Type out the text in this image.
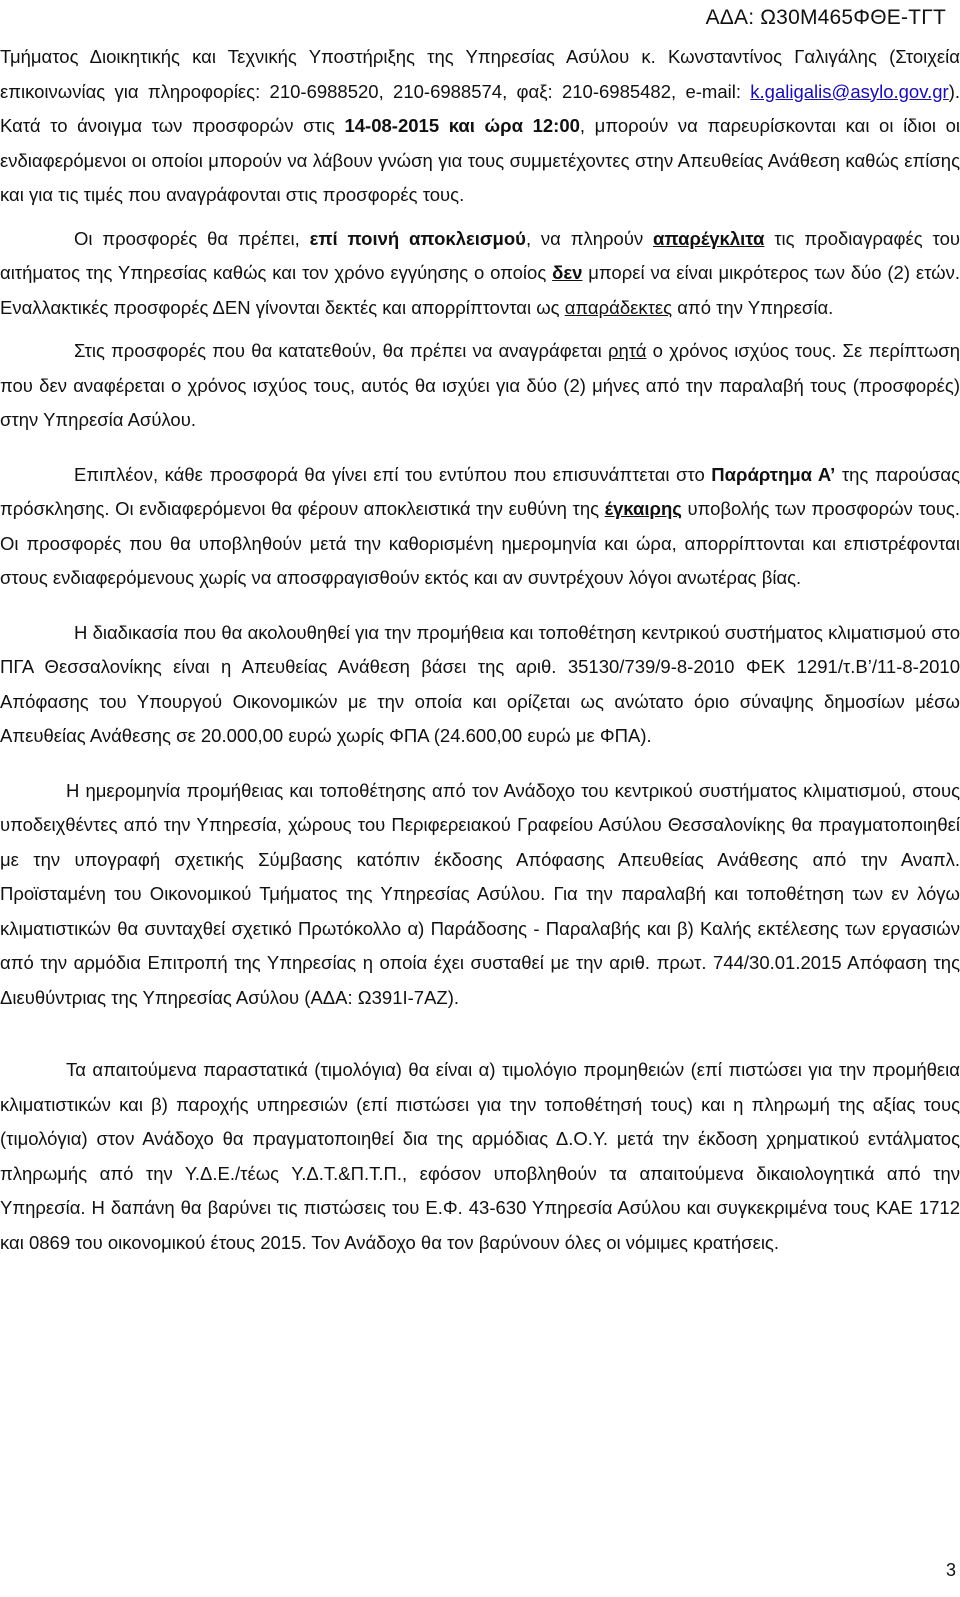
ΑΔΑ: Ω30Μ465ΦΘΕ-ΤΓΤ

Τμήματος Διοικητικής και Τεχνικής Υποστήριξης της Υπηρεσίας Ασύλου κ. Κωνσταντίνος Γαλιγάλης (Στοιχεία επικοινωνίας για πληροφορίες: 210-6988520, 210-6988574, φαξ: 210-6985482, e-mail: k.galigalis@asylo.gov.gr). Κατά το άνοιγμα των προσφορών στις 14-08-2015 και ώρα 12:00, μπορούν να παρευρίσκονται και οι ίδιοι οι ενδιαφερόμενοι οι οποίοι μπορούν να λάβουν γνώση για τους συμμετέχοντες στην Απευθείας Ανάθεση καθώς επίσης και για τις τιμές που αναγράφονται στις προσφορές τους.

Οι προσφορές θα πρέπει, επί ποινή αποκλεισμού, να πληρούν απαρέγκλιτα τις προδιαγραφές του αιτήματος της Υπηρεσίας καθώς και τον χρόνο εγγύησης ο οποίος δεν μπορεί να είναι μικρότερος των δύο (2) ετών. Εναλλακτικές προσφορές ΔΕΝ γίνονται δεκτές και απορρίπτονται ως απαράδεκτες από την Υπηρεσία.

Στις προσφορές που θα κατατεθούν, θα πρέπει να αναγράφεται ρητά ο χρόνος ισχύος τους. Σε περίπτωση που δεν αναφέρεται ο χρόνος ισχύος τους, αυτός θα ισχύει για δύο (2) μήνες από την παραλαβή τους (προσφορές) στην Υπηρεσία Ασύλου.

Επιπλέον, κάθε προσφορά θα γίνει επί του εντύπου που επισυνάπτεται στο Παράρτημα Α’ της παρούσας πρόσκλησης. Οι ενδιαφερόμενοι θα φέρουν αποκλειστικά την ευθύνη της έγκαιρης υποβολής των προσφορών τους. Οι προσφορές που θα υποβληθούν μετά την καθορισμένη ημερομηνία και ώρα, απορρίπτονται και επιστρέφονται στους ενδιαφερόμενους χωρίς να αποσφραγισθούν εκτός και αν συντρέχουν λόγοι ανωτέρας βίας.

Η διαδικασία που θα ακολουθηθεί για την προμήθεια και τοποθέτηση κεντρικού συστήματος κλιματισμού στο ΠΓΑ Θεσσαλονίκης είναι η Απευθείας Ανάθεση βάσει της αριθ. 35130/739/9-8-2010 ΦΕΚ 1291/τ.Β’/11-8-2010 Απόφασης του Υπουργού Οικονομικών με την οποία και ορίζεται ως ανώτατο όριο σύναψης δημοσίων μέσω Απευθείας Ανάθεσης σε 20.000,00 ευρώ χωρίς ΦΠΑ (24.600,00 ευρώ με ΦΠΑ).

Η ημερομηνία προμήθειας και τοποθέτησης από τον Ανάδοχο του κεντρικού συστήματος κλιματισμού, στους υποδειχθέντες από την Υπηρεσία, χώρους του Περιφερειακού Γραφείου Ασύλου Θεσσαλονίκης θα πραγματοποιηθεί με την υπογραφή σχετικής Σύμβασης κατόπιν έκδοσης Απόφασης Απευθείας Ανάθεσης από την Αναπλ. Προϊσταμένη του Οικονομικού Τμήματος της Υπηρεσίας Ασύλου. Για την παραλαβή και τοποθέτηση των εν λόγω κλιματιστικών θα συνταχθεί σχετικό Πρωτόκολλο α) Παράδοσης - Παραλαβής και β) Καλής εκτέλεσης των εργασιών από την αρμόδια Επιτροπή της Υπηρεσίας η οποία έχει συσταθεί με την αριθ. πρωτ. 744/30.01.2015 Απόφαση της Διευθύντριας της Υπηρεσίας Ασύλου (ΑΔΑ: Ω391Ι-7ΑΖ).

Τα απαιτούμενα παραστατικά (τιμολόγια) θα είναι α) τιμολόγιο προμηθειών (επί πιστώσει για την προμήθεια κλιματιστικών και β) παροχής υπηρεσιών (επί πιστώσει για την τοποθέτησή τους) και η πληρωμή της αξίας τους (τιμολόγια) στον Ανάδοχο θα πραγματοποιηθεί δια της αρμόδιας Δ.Ο.Υ. μετά την έκδοση χρηματικού εντάλματος πληρωμής από την Υ.Δ.Ε./τέως Υ.Δ.Τ.&Π.Τ.Π., εφόσον υποβληθούν τα απαιτούμενα δικαιολογητικά από την Υπηρεσία. Η δαπάνη θα βαρύνει τις πιστώσεις του Ε.Φ. 43-630 Υπηρεσία Ασύλου και συγκεκριμένα τους ΚΑΕ 1712 και 0869 του οικονομικού έτους 2015. Τον Ανάδοχο θα τον βαρύνουν όλες οι νόμιμες κρατήσεις.

3
